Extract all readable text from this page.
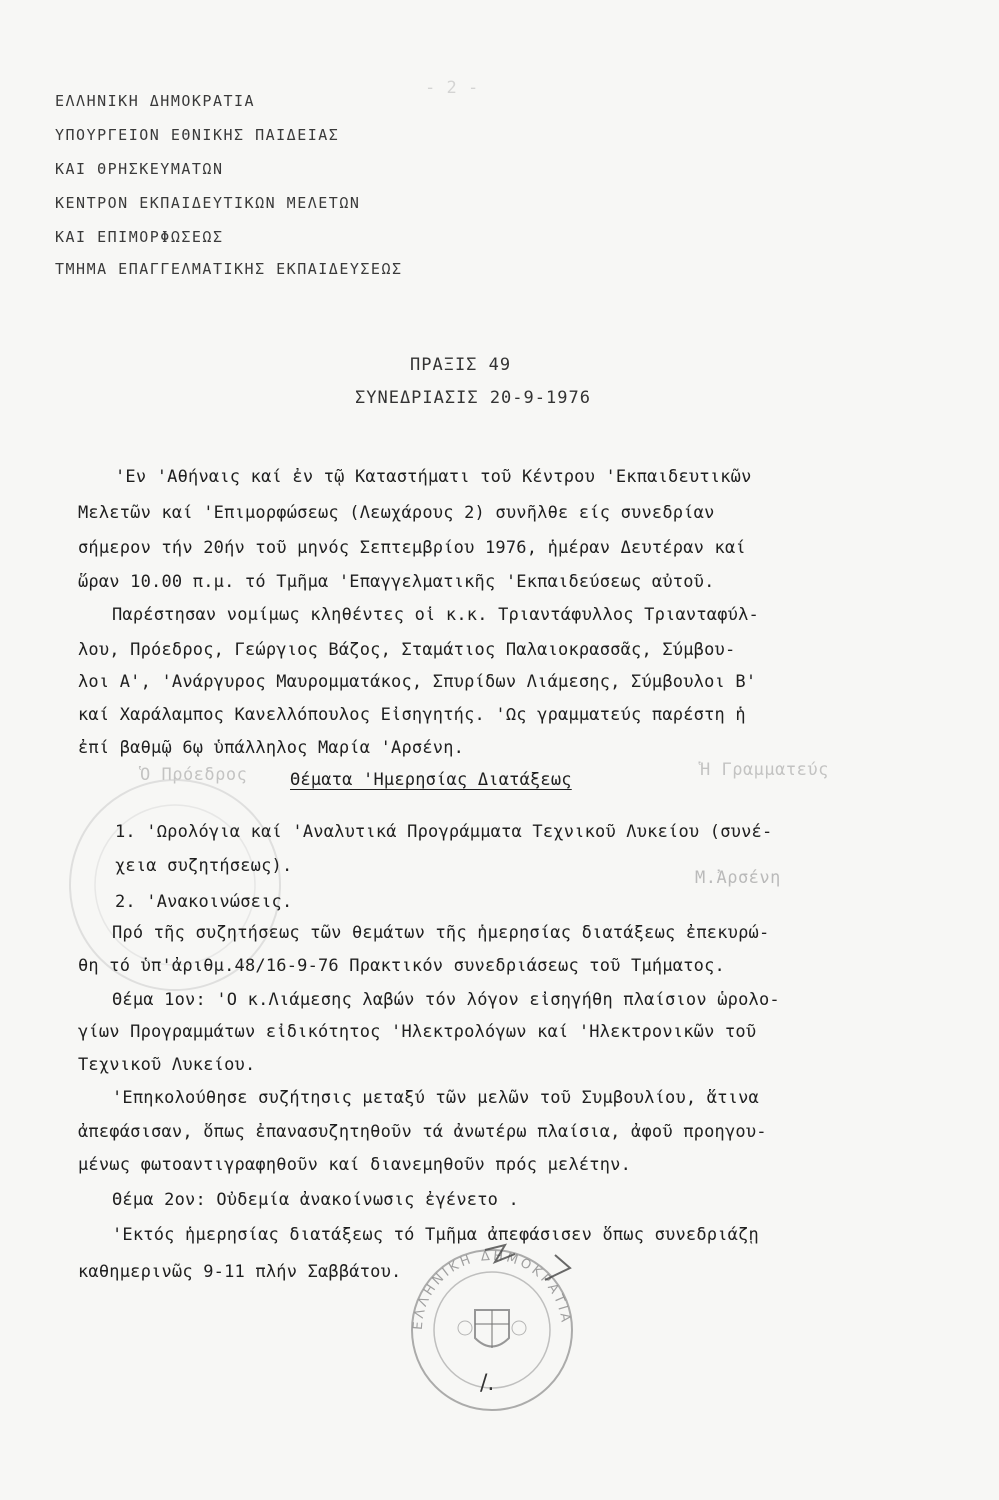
- 2 -
Ὁ Πρόεδρος	Ἡ Γραμματεύς
Μ.Ἀρσένη
ΕΛΛΗΝΙΚΗ ΔΗΜΟΚΡΑΤΙΑ
ΥΠΟΥΡΓΕΙΟΝ ΕΘΝΙΚΗΣ ΠΑΙΔΕΙΑΣ
ΚΑΙ ΘΡΗΣΚΕΥΜΑΤΩΝ
ΚΕΝΤΡΟΝ ΕΚΠΑΙΔΕΥΤΙΚΩΝ ΜΕΛΕΤΩΝ
ΚΑΙ ΕΠΙΜΟΡΦΩΣΕΩΣ
ΤΜΗΜΑ ΕΠΑΓΓΕΛΜΑΤΙΚΗΣ ΕΚΠΑΙΔΕΥΣΕΩΣ
ΠΡΑΞΙΣ 49
ΣΥΝΕΔΡΙΑΣΙΣ 20-9-1976
'Εν 'Αθήναις καί ἐν τῷ Καταστήματι τοῦ Κέντρου 'Εκπαιδευτικῶν
Μελετῶν καί 'Επιμορφώσεως (Λεωχάρους 2) συνῆλθε είς συνεδρίαν
σήμερον τήν 20ήν τοῦ μηνός Σεπτεμβρίου 1976, ἡμέραν Δευτέραν καί
ὥραν 10.00 π.μ. τό Τμῆμα 'Επαγγελματικῆς 'Εκπαιδεύσεως αὐτοῦ.
Παρέστησαν νομίμως κληθέντες οἱ κ.κ. Τριαντάφυλλος Τριανταφύλ-
λου, Πρόεδρος, Γεώργιος Βάζος, Σταμάτιος Παλαιοκρασσᾶς, Σύμβου-
λοι Α', 'Ανάργυρος Μαυρομματάκος, Σπυρίδων Λιάμεσης, Σύμβουλοι Β'
καί Χαράλαμπος Κανελλόπουλος Εἰσηγητής. 'Ως γραμματεύς παρέστη ἡ
ἐπί βαθμῷ 6ῳ ὑπάλληλος Μαρία 'Αρσένη.
Θέματα 'Ημερησίας Διατάξεως
1. 'Ωρολόγια καί 'Αναλυτικά Προγράμματα Τεχνικοῦ Λυκείου (συνέ-
χεια συζητήσεως).
2. 'Ανακοινώσεις.
Πρό τῆς συζητήσεως τῶν θεμάτων τῆς ἡμερησίας διατάξεως ἐπεκυρώ-
θη τό ὑπ'ἀριθμ.48/16-9-76 Πρακτικόν συνεδριάσεως τοῦ Τμήματος.
Θέμα 1ον: 'Ο κ.Λιάμεσης λαβών τόν λόγον εἰσηγήθη πλαίσιον ὡρολο-
γίων Προγραμμάτων εἰδικότητος 'Ηλεκτρολόγων καί 'Ηλεκτρονικῶν τοῦ
Τεχνικοῦ Λυκείου.
'Επηκολούθησε συζήτησις μεταξύ τῶν μελῶν τοῦ Συμβουλίου, ἅτινα
ἀπεφάσισαν, ὅπως ἐπανασυζητηθοῦν τά ἀνωτέρω πλαίσια, ἀφοῦ προηγου-
μένως φωτοαντιγραφηθοῦν καί διανεμηθοῦν πρός μελέτην.
Θέμα 2ον: Οὐδεμία ἀνακοίνωσις ἐγένετο .
'Εκτός ἡμερησίας διατάξεως τό Τμῆμα ἀπεφάσισεν ὅπως συνεδριάζῃ
καθημερινῶς 9-11 πλήν Σαββάτου.
ΕΛΛΗΝΙΚΗ ΔΗΜΟΚΡΑΤΙΑ
/.
